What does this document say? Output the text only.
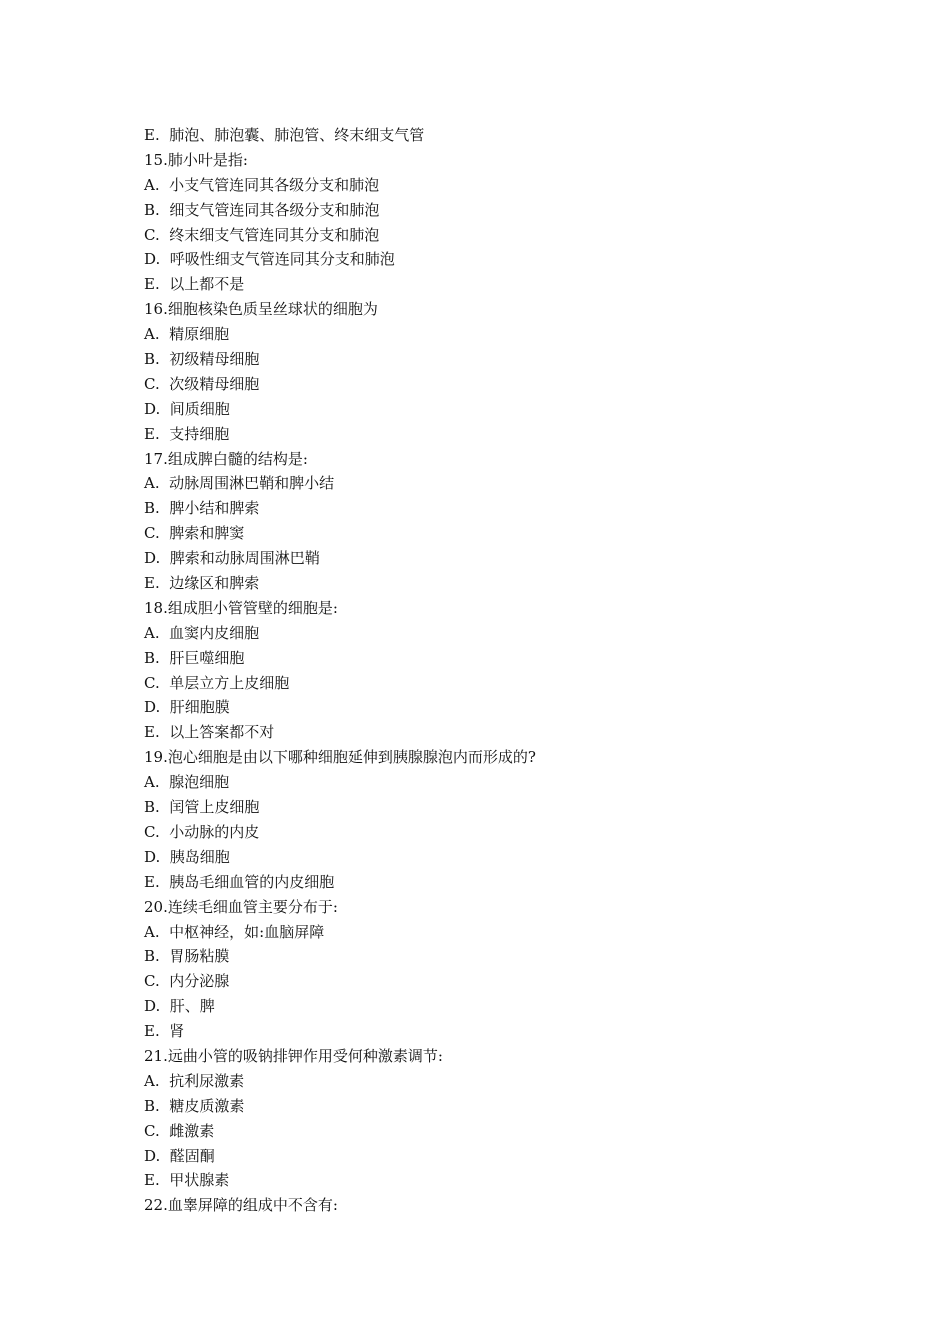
E.  肺泡、肺泡囊、肺泡管、终末细支气管
15.肺小叶是指:
A.  小支气管连同其各级分支和肺泡
B.  细支气管连同其各级分支和肺泡
C.  终末细支气管连同其分支和肺泡
D.  呼吸性细支气管连同其分支和肺泡
E.  以上都不是
16.细胞核染色质呈丝球状的细胞为
A.  精原细胞
B.  初级精母细胞
C.  次级精母细胞
D.  间质细胞
E.  支持细胞
17.组成脾白髓的结构是:
A.  动脉周围淋巴鞘和脾小结
B.  脾小结和脾索
C.  脾索和脾窦
D.  脾索和动脉周围淋巴鞘
E.  边缘区和脾索
18.组成胆小管管壁的细胞是:
A.  血窦内皮细胞
B.  肝巨噬细胞
C.  单层立方上皮细胞
D.  肝细胞膜
E.  以上答案都不对
19.泡心细胞是由以下哪种细胞延伸到胰腺腺泡内而形成的?
A.  腺泡细胞
B.  闰管上皮细胞
C.  小动脉的内皮
D.  胰岛细胞
E.  胰岛毛细血管的内皮细胞
20.连续毛细血管主要分布于:
A.  中枢神经，如:血脑屏障
B.  胃肠粘膜
C.  内分泌腺
D.  肝、脾
E.  肾
21.远曲小管的吸钠排钾作用受何种激素调节:
A.  抗利尿激素
B.  糖皮质激素
C.  雌激素
D.  醛固酮
E.  甲状腺素
22.血睾屏障的组成中不含有:
